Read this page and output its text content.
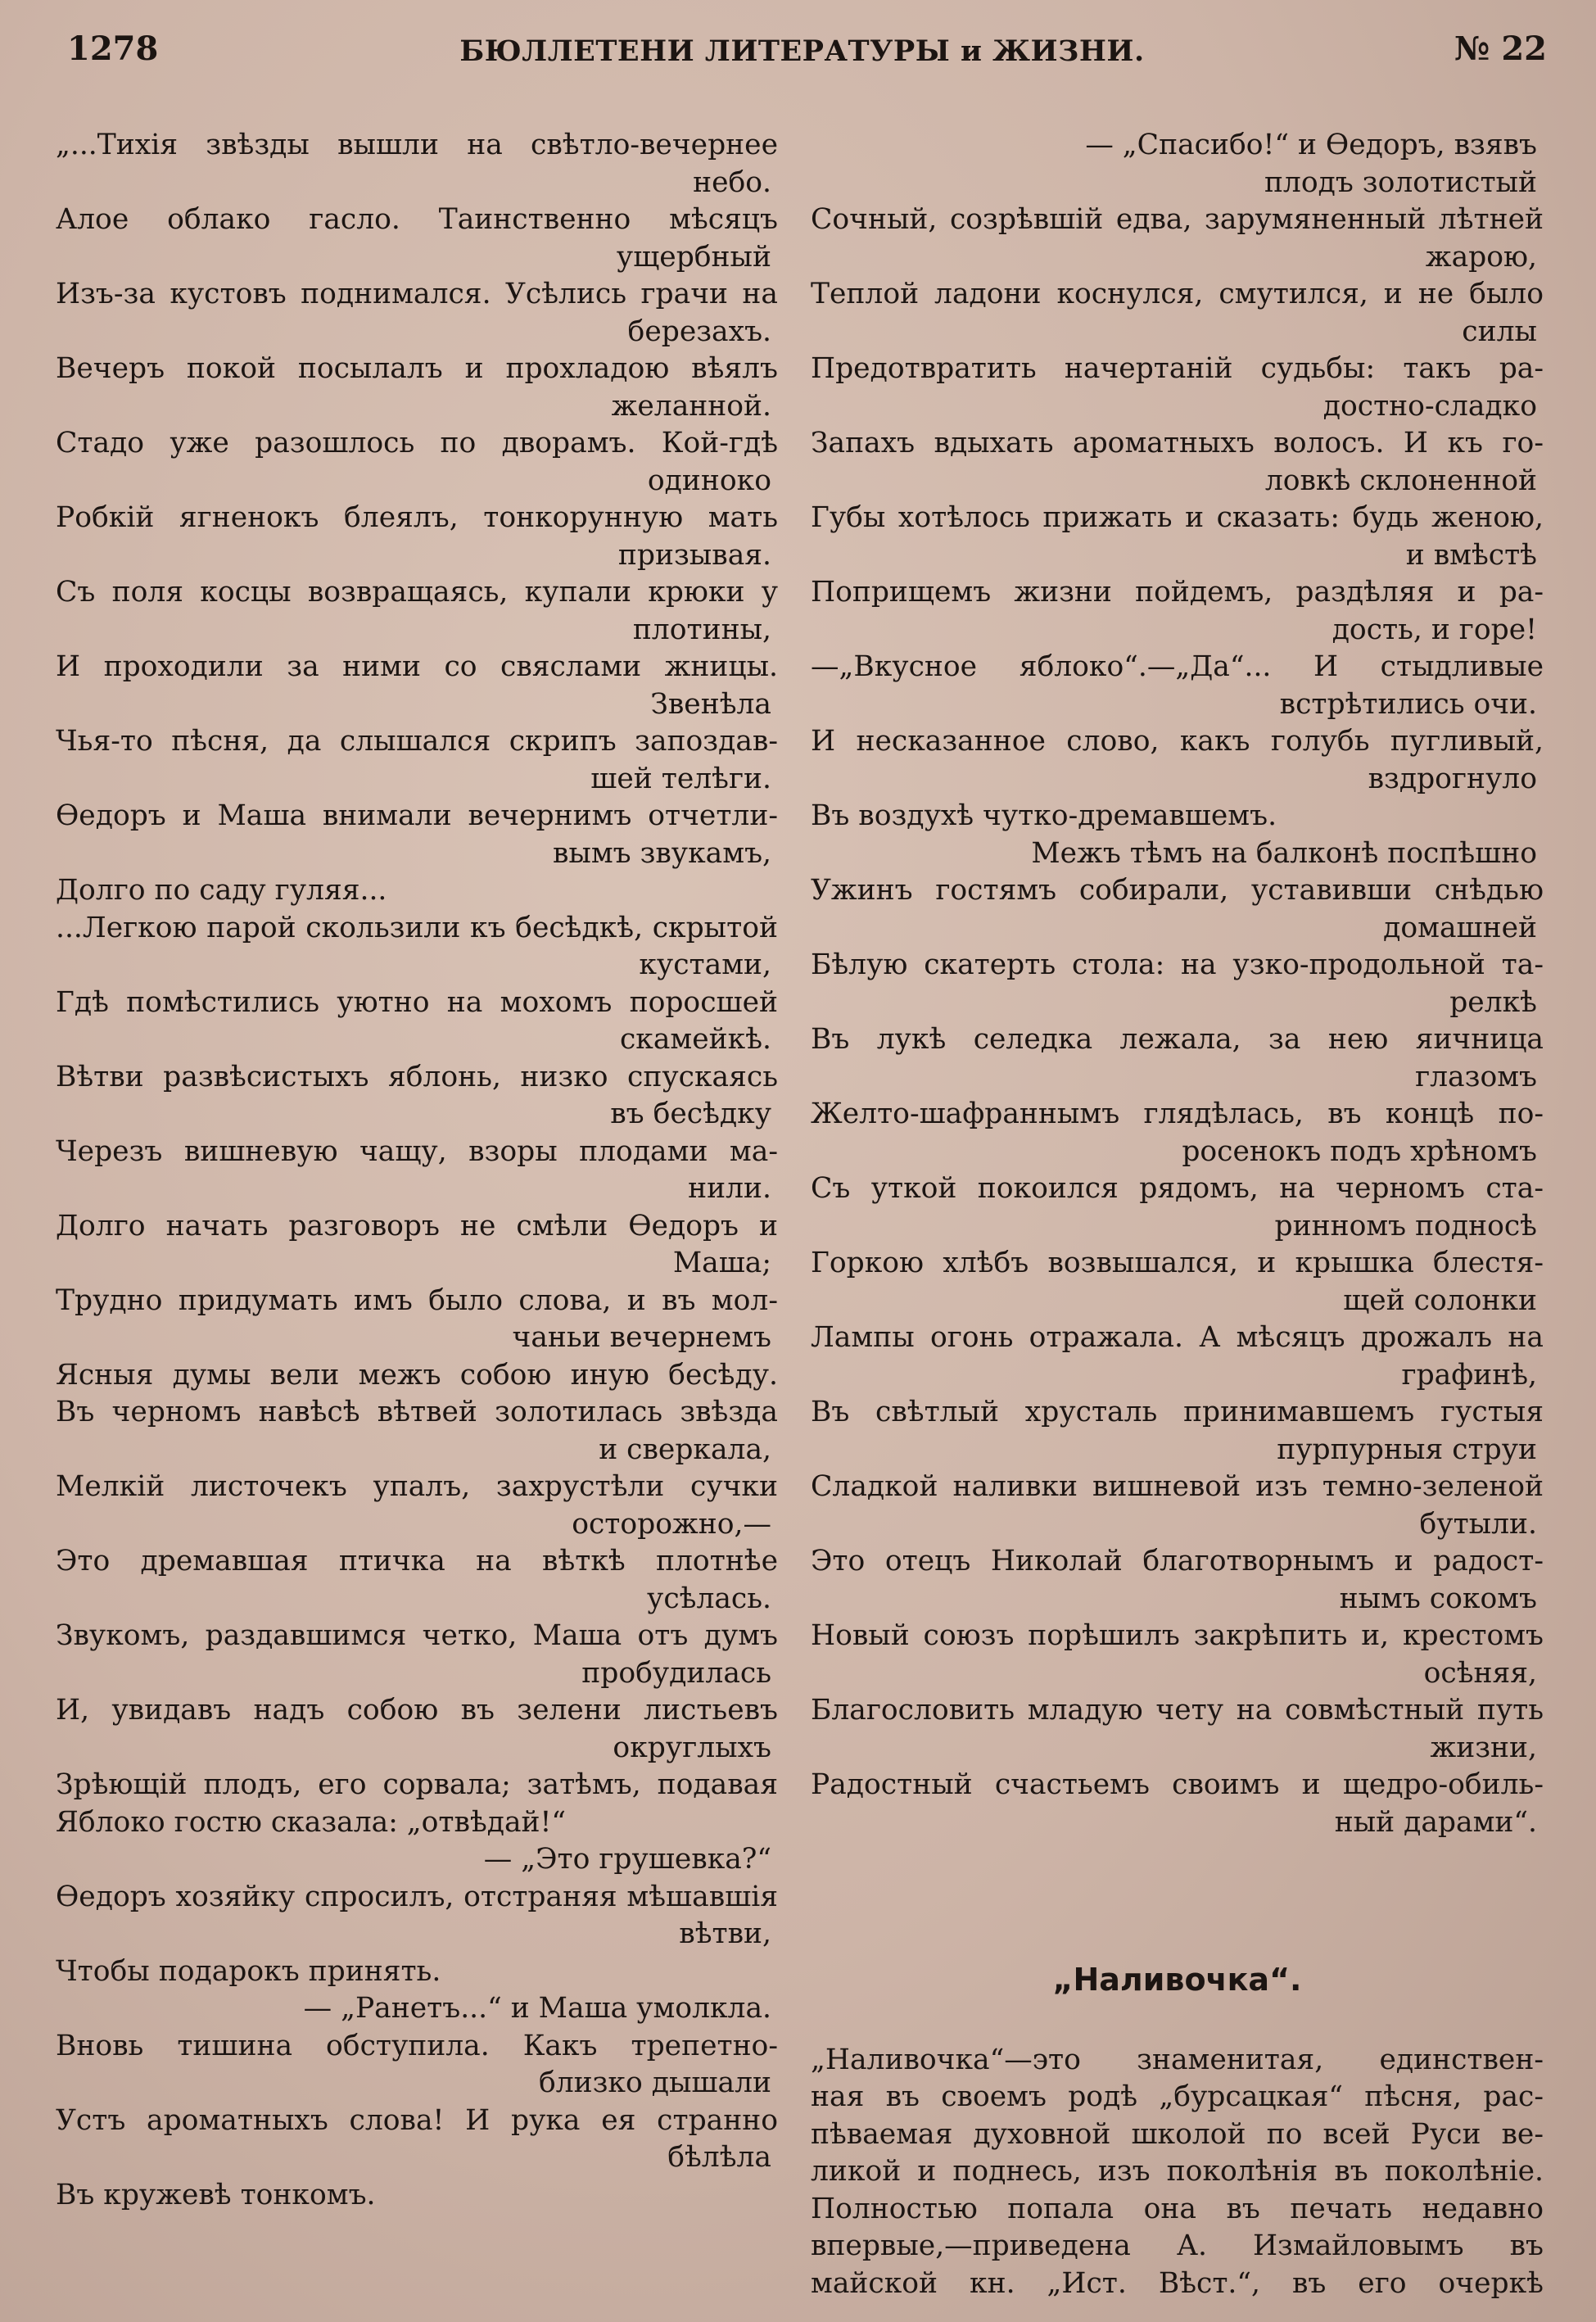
1278	БЮЛЛЕТЕНИ ЛИТЕРАТУРЫ и ЖИЗНИ.	№ 22
„...Тихія звѣзды вышли на свѣтло-вечернее
небо.
Алое облако гасло. Таинственно мѣсяцъ
ущербный
Изъ-за кустовъ поднимался. Усѣлись грачи на
березахъ.
Вечеръ покой посылалъ и прохладою вѣялъ
желанной.
Стадо уже разошлось по дворамъ. Кой-гдѣ
одиноко
Робкій ягненокъ блеялъ, тонкорунную мать
призывая.
Съ поля косцы возвращаясь, купали крюки у
плотины,
И проходили за ними со свяслами жницы.
Звенѣла
Чья-то пѣсня, да слышался скрипъ запоздав-
шей телѣги.
Өедоръ и Маша внимали вечернимъ отчетли-
вымъ звукамъ,
Долго по саду гуляя...
...Легкою парой скользили къ бесѣдкѣ, скрытой
кустами,
Гдѣ помѣстились уютно на мохомъ поросшей
скамейкѣ.
Вѣтви развѣсистыхъ яблонь, низко спускаясь
въ бесѣдку
Черезъ вишневую чащу, взоры плодами ма-
нили.
Долго начать разговоръ не смѣли Өедоръ и
Маша;
Трудно придумать имъ было слова, и въ мол-
чаньи вечернемъ
Ясныя думы вели межъ собою иную бесѣду.
Въ черномъ навѣсѣ вѣтвей золотилась звѣзда
и сверкала,
Мелкій листочекъ упалъ, захрустѣли сучки
осторожно,—
Это дремавшая птичка на вѣткѣ плотнѣе
усѣлась.
Звукомъ, раздавшимся четко, Маша отъ думъ
пробудилась
И, увидавъ надъ собою въ зелени листьевъ
округлыхъ
Зрѣющій плодъ, его сорвала; затѣмъ, подавая
Яблоко гостю сказала: „отвѣдай!“
— „Это грушевка?“
Өедоръ хозяйку спросилъ, отстраняя мѣшавшія
вѣтви,
Чтобы подарокъ принять.
— „Ранетъ...“ и Маша умолкла.
Вновь тишина обступила. Какъ трепетно-
близко дышали
Устъ ароматныхъ слова! И рука ея странно
бѣлѣла
Въ кружевѣ тонкомъ.
— „Спасибо!“ и Өедоръ, взявъ
плодъ золотистый
Сочный, созрѣвшій едва, зарумяненный лѣтней
жарою,
Теплой ладони коснулся, смутился, и не было
силы
Предотвратить начертаній судьбы: такъ ра-
достно-сладко
Запахъ вдыхать ароматныхъ волосъ. И къ го-
ловкѣ склоненной
Губы хотѣлось прижать и сказать: будь женою,
и вмѣстѣ
Поприщемъ жизни пойдемъ, раздѣляя и ра-
дость, и горе!
—„Вкусное яблоко“.—„Да“... И стыдливые
встрѣтились очи.
И несказанное слово, какъ голубь пугливый,
вздрогнуло
Въ воздухѣ чутко-дремавшемъ.
Межъ тѣмъ на балконѣ поспѣшно
Ужинъ гостямъ собирали, уставивши снѣдью
домашней
Бѣлую скатерть стола: на узко-продольной та-
релкѣ
Въ лукѣ селедка лежала, за нею яичница
глазомъ
Желто-шафраннымъ глядѣлась, въ концѣ по-
росенокъ подъ хрѣномъ
Съ уткой покоился рядомъ, на черномъ ста-
ринномъ подносѣ
Горкою хлѣбъ возвышался, и крышка блестя-
щей солонки
Лампы огонь отражала. А мѣсяцъ дрожалъ на
графинѣ,
Въ свѣтлый хрусталь принимавшемъ густыя
пурпурныя струи
Сладкой наливки вишневой изъ темно-зеленой
бутыли.
Это отецъ Николай благотворнымъ и радост-
нымъ сокомъ
Новый союзъ порѣшилъ закрѣпить и, крестомъ
осѣняя,
Благословить младую чету на совмѣстный путь
жизни,
Радостный счастьемъ своимъ и щедро-обиль-
ный дарами“.
„Наливочка“.
„Наливочка“—это знаменитая, единствен-
ная въ своемъ родѣ „бурсацкая“ пѣсня, рас-
пѣваемая духовной школой по всей Руси ве-
ликой и поднесь, изъ поколѣнія въ поколѣніе.
Полностью попала она въ печать недавно
впервые,—приведена А. Измайловымъ въ
майской кн. „Ист. Вѣст.“, въ его очеркѣ
